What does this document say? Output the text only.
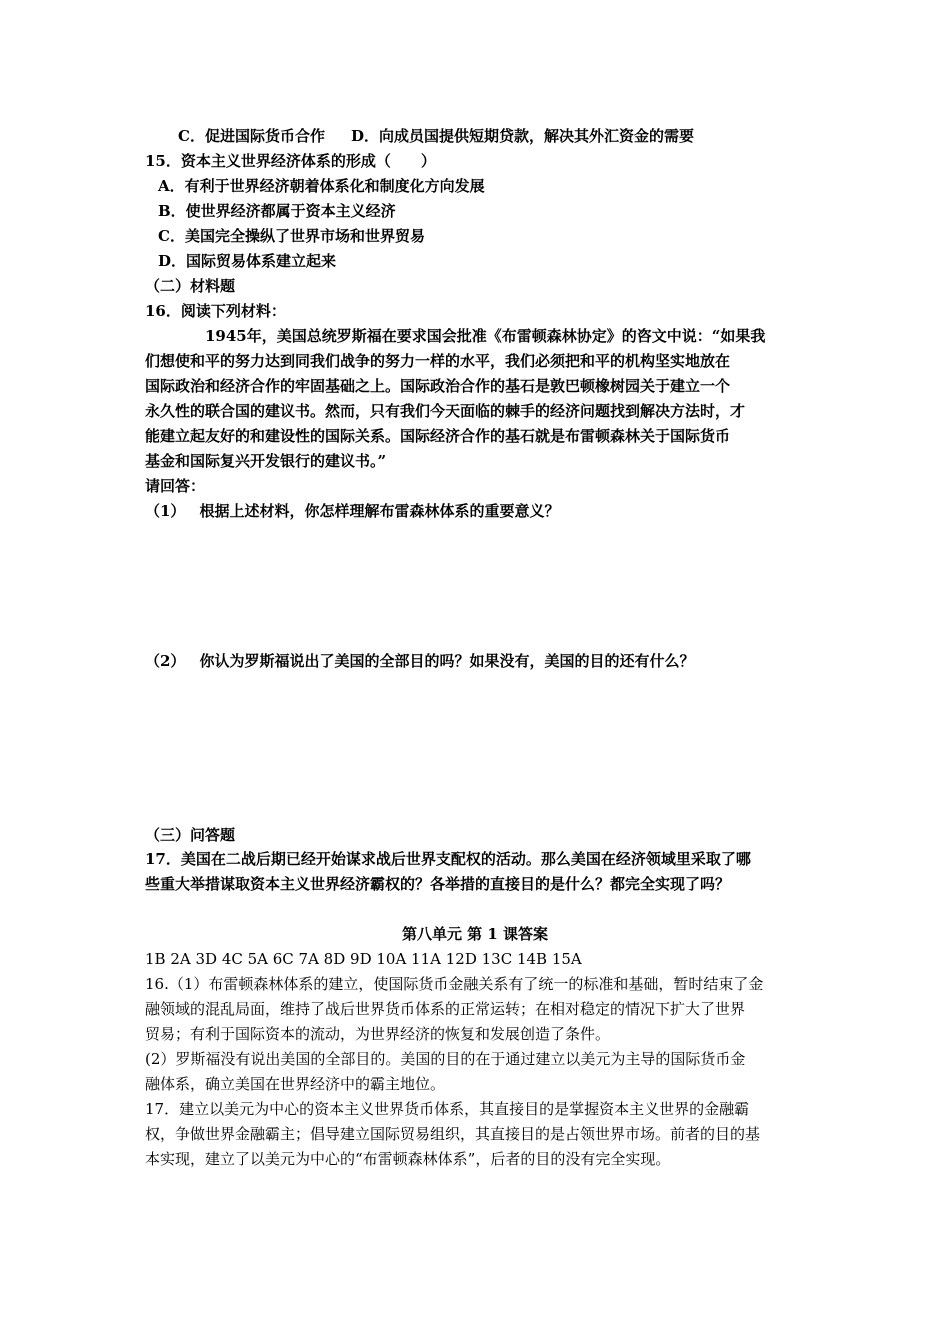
C．促进国际货币合作 D．向成员国提供短期贷款，解决其外汇资金的需要
15．资本主义世界经济体系的形成（　　）
A．有利于世界经济朝着体系化和制度化方向发展
B．使世界经济都属于资本主义经济
C．美国完全操纵了世界市场和世界贸易
D．国际贸易体系建立起来
（二）材料题
16．阅读下列材料：
1945年，美国总统罗斯福在要求国会批准《布雷顿森林协定》的咨文中说：“如果我
们想使和平的努力达到同我们战争的努力一样的水平，我们必须把和平的机构坚实地放在
国际政治和经济合作的牢固基础之上。国际政治合作的基石是敦巴顿橡树园关于建立一个
永久性的联合国的建议书。然而，只有我们今天面临的棘手的经济问题找到解决方法时，才
能建立起友好的和建设性的国际关系。国际经济合作的基石就是布雷顿森林关于国际货币
基金和国际复兴开发银行的建议书。”
请回答：
（1） 根据上述材料，你怎样理解布雷森林体系的重要意义？
（2） 你认为罗斯福说出了美国的全部目的吗？如果没有，美国的目的还有什么？
（三）问答题
17．美国在二战后期已经开始谋求战后世界支配权的活动。那么美国在经济领域里采取了哪
些重大举措谋取资本主义世界经济霸权的？各举措的直接目的是什么？都完全实现了吗？
第八单元 第 1 课答案
1B 2A 3D 4C 5A 6C 7A 8D 9D 10A 11A 12D 13C 14B 15A
16.（1）布雷顿森林体系的建立，使国际货币金融关系有了统一的标准和基础，暂时结束了金
融领域的混乱局面，维持了战后世界货币体系的正常运转；在相对稳定的情况下扩大了世界
贸易；有利于国际资本的流动，为世界经济的恢复和发展创造了条件。
(2）罗斯福没有说出美国的全部目的。美国的目的在于通过建立以美元为主导的国际货币金
融体系，确立美国在世界经济中的霸主地位。
17．建立以美元为中心的资本主义世界货币体系，其直接目的是掌握资本主义世界的金融霸
权，争做世界金融霸主；倡导建立国际贸易组织，其直接目的是占领世界市场。前者的目的基
本实现，建立了以美元为中心的“布雷顿森林体系”，后者的目的没有完全实现。
